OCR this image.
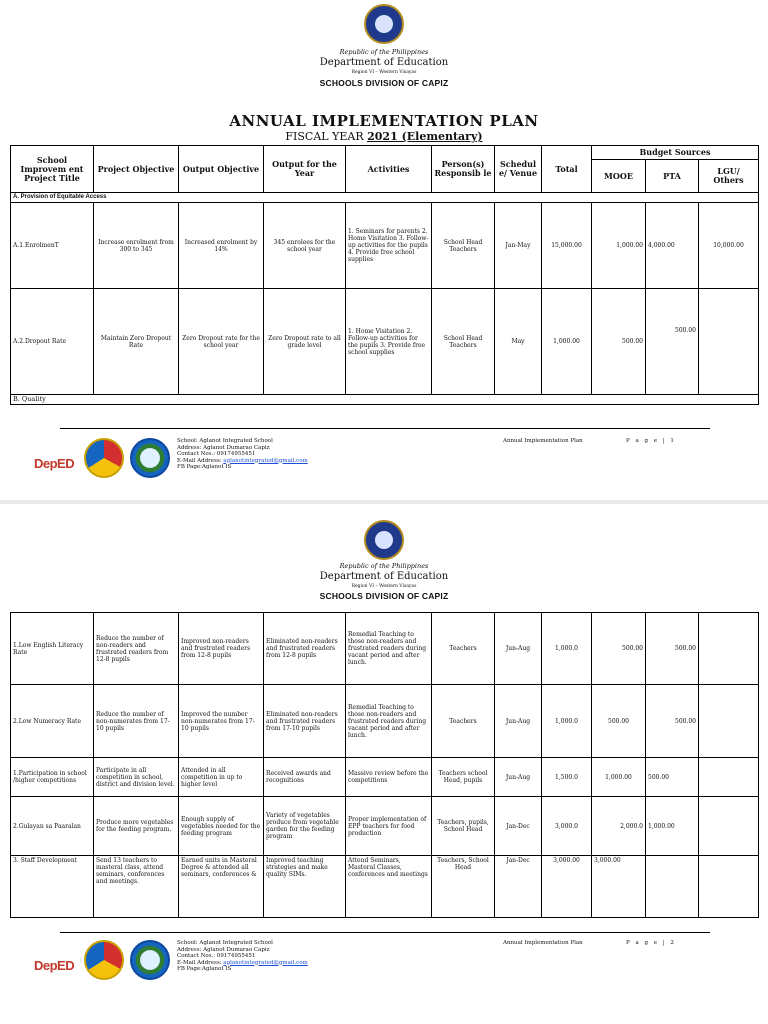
Republic of the Philippines
Department of Education
Region VI – Western Visayas
SCHOOLS DIVISION OF CAPIZ
ANNUAL IMPLEMENTATION PLAN
FISCAL YEAR 2021 (Elementary)
School Improvem ent Project Title	Project Objective	Output Objective	Output for the Year	Activities	Person(s) Responsib le	Schedul e/ Venue	Total	Budget Sources		
								MOOE	PTA	LGU/ Others
A. Provision of Equitable Access										
A.1.EnrolmenT	Increase enrolment from 300 to 345	Increased enrolment by 14%	345 enrolees for the school year	1. Seminars for parents 2. Home Visitation 3. Follow-up activities for the pupils 4. Provide free school supplies	School Head Teachers	Jan-May	15,000.00	1,000.00	4,000.00	10,000.00
A.2.Dropout Rate	Maintain Zero Dropout Rate	Zero Dropout rate for the school year	Zero Dropout rate to all grade level	1. Home Visitation 2. Follow-up activities for the pupils 3. Provide free school supplies	School Head Teachers	May	1,000.00	500.00	500.00	
B. Quality										
DepED
School: Aglanot Integrated School
Address: Aglanot Dumarao Capiz
Contact Nos.: 09174955451
E-Mail Address: aglanotintegrated@gmail.com
FB Page:Aglanot IS
Annual Implementation Plan	P a g e | 1
Republic of the Philippines
Department of Education
Region VI – Western Visayas
SCHOOLS DIVISION OF CAPIZ
1.Low English Literacy Rate	Reduce the number of non-readers and frustrated readers from 12-8 pupils	Improved non-readers and frustrated readers from 12-8 pupils	Eliminated non-readers and frustrated readers from 12-8 pupils	Remedial Teaching to those non-readers and frustrated readers during vacant period and after lunch.	Teachers	Jun-Aug	1,000.0	500.00	500.00	
2.Low Numeracy Rate	Reduce the number of non-numerates from 17-10 pupils	Improved the number non-numerates from 17-10 pupils	Eliminated non-readers and frustrated readers from 17-10 pupils	Remedial Teaching to those non-readers and frustrated readers during vacant period and after lunch.	Teachers	Jun-Aug	1,000.0	500.00	500.00	
1.Participation in school /higher competitions	Participate in all competition in school, district and division level.	Attended in all competition in up to higher level	Received awards and recognitions	Massive review before the competitions	Teachers school Head, pupils	Jun-Aug	1,500.0	1,000.00	500.00	
2.Gulayan sa Paaralan	Produce more vegetables for the feeding program.	Enough supply of vegetables needed for the feeding program	Variety of vegetables produce from vegetable garden for the feeding program	Proper implementation of EPP teachers for food production	Teachers, pupils, School Head	Jan-Dec	3,000.0	2,000.0	1,000.00	
3. Staff Development	Send 13 teachers to masteral class, attend seminars, conferences and meetings.	Earned units in Masteral Degree & attended all seminars, conferences &	Improved teaching strategies and make quality SIMs.	Attend Seminars, Masteral Classes, conferences and meetings	Teachers, School Head	Jan-Dec	3,000.00	3,000.00		
DepED
School: Aglanot Integrated School
Address: Aglanot Dumarao Capiz
Contact Nos.: 09174955451
E-Mail Address: aglanotintegrated@gmail.com
FB Page:Aglanot IS
Annual Implementation Plan	P a g e | 2
